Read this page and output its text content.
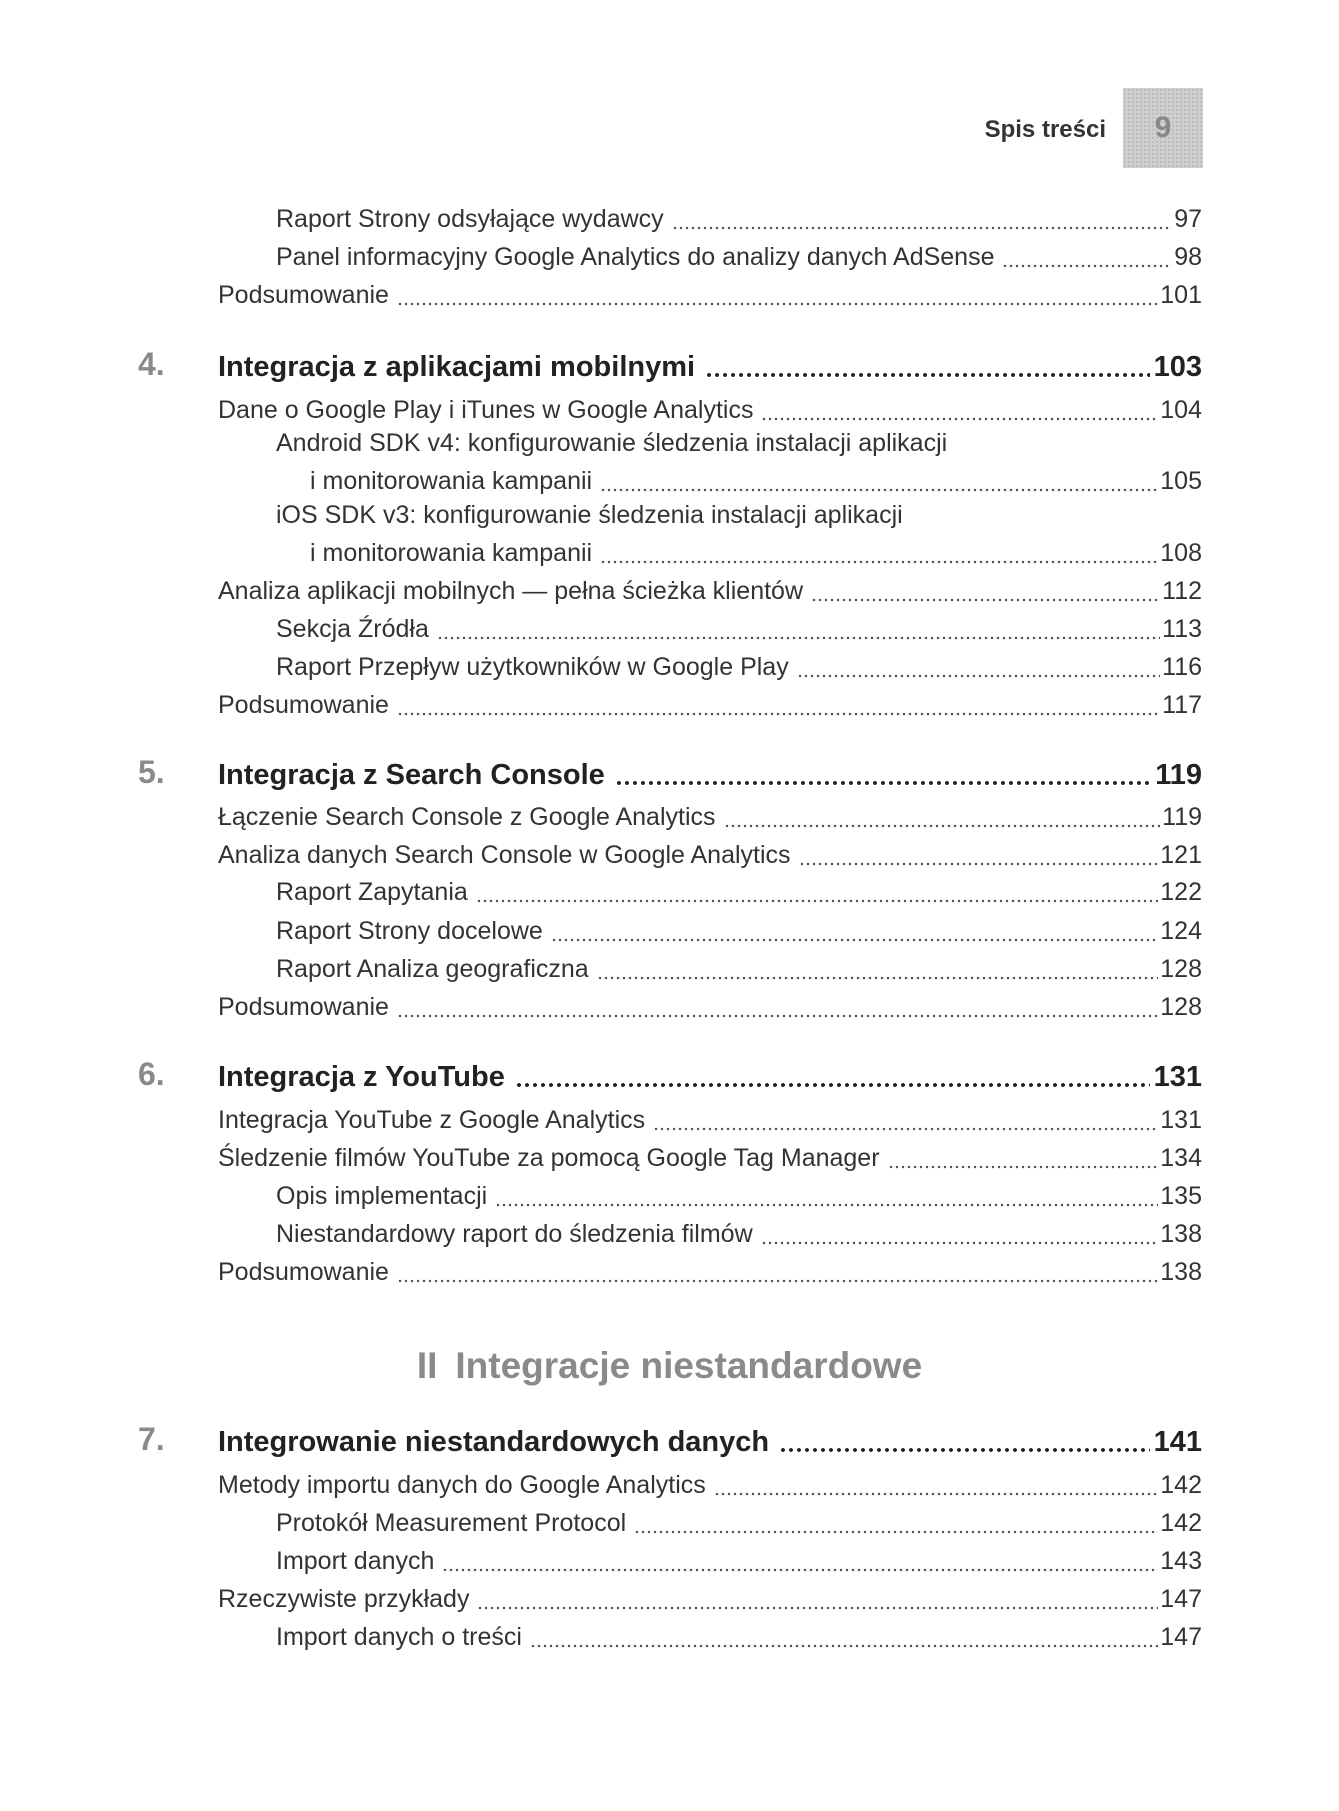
Spis treści 9
Raport Strony odsyłające wydawcy	97
Panel informacyjny Google Analytics do analizy danych AdSense	98
Podsumowanie	101
4.	Integracja z aplikacjami mobilnymi	103
Dane o Google Play i iTunes w Google Analytics	104
Android SDK v4: konfigurowanie śledzenia instalacji aplikacji
i monitorowania kampanii	105
iOS SDK v3: konfigurowanie śledzenia instalacji aplikacji
i monitorowania kampanii	108
Analiza aplikacji mobilnych — pełna ścieżka klientów	112
Sekcja Źródła	113
Raport Przepływ użytkowników w Google Play	116
Podsumowanie	117
5.	Integracja z Search Console	119
Łączenie Search Console z Google Analytics	119
Analiza danych Search Console w Google Analytics	121
Raport Zapytania	122
Raport Strony docelowe	124
Raport Analiza geograficzna	128
Podsumowanie	128
6.	Integracja z YouTube	131
Integracja YouTube z Google Analytics	131
Śledzenie filmów YouTube za pomocą Google Tag Manager	134
Opis implementacji	135
Niestandardowy raport do śledzenia filmów	138
Podsumowanie	138
II Integracje niestandardowe
7.	Integrowanie niestandardowych danych	141
Metody importu danych do Google Analytics	142
Protokół Measurement Protocol	142
Import danych	143
Rzeczywiste przykłady	147
Import danych o treści	147
